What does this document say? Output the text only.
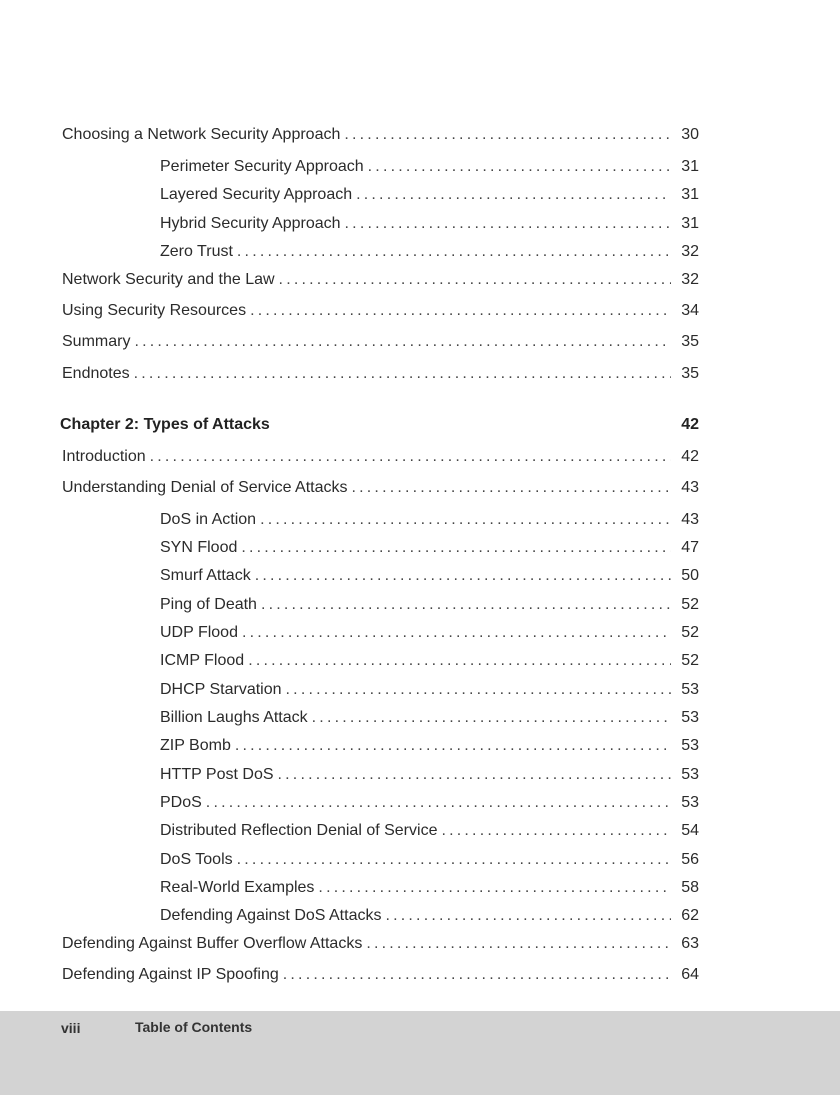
Choosing a Network Security Approach .....	30
Perimeter Security Approach .....	31
Layered Security Approach .....	31
Hybrid Security Approach .....	31
Zero Trust .....	32
Network Security and the Law .....	32
Using Security Resources .....	34
Summary .....	35
Endnotes .....	35
Chapter 2: Types of Attacks	42
Introduction .....	42
Understanding Denial of Service Attacks .....	43
DoS in Action .....	43
SYN Flood .....	47
Smurf Attack .....	50
Ping of Death .....	52
UDP Flood .....	52
ICMP Flood .....	52
DHCP Starvation .....	53
Billion Laughs Attack .....	53
ZIP Bomb .....	53
HTTP Post DoS .....	53
PDoS .....	53
Distributed Reflection Denial of Service .....	54
DoS Tools .....	56
Real-World Examples .....	58
Defending Against DoS Attacks .....	62
Defending Against Buffer Overflow Attacks .....	63
Defending Against IP Spoofing .....	64
viii	Table of Contents
